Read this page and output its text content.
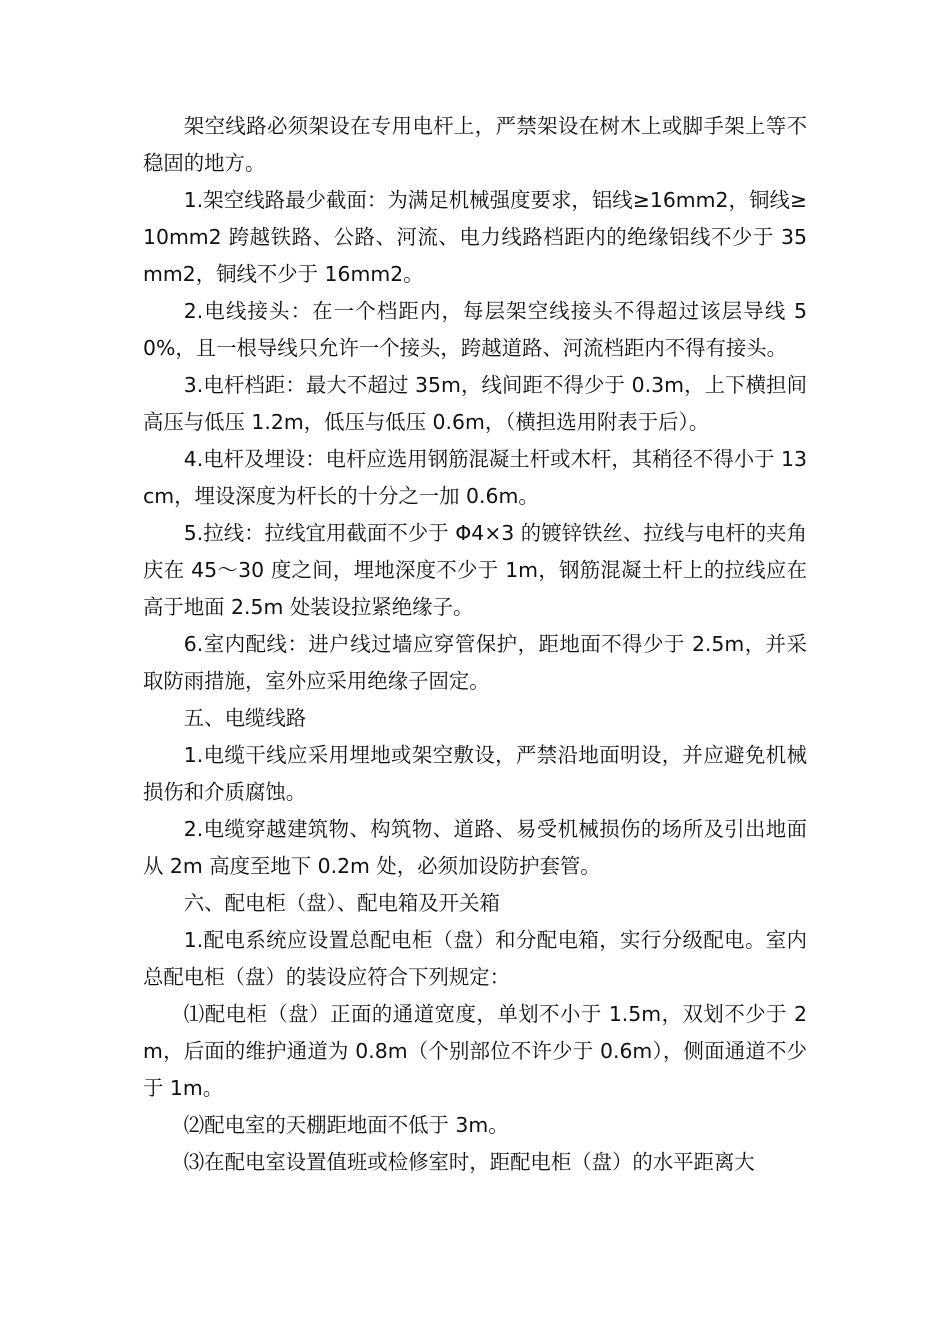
架空线路必须架设在专用电杆上，严禁架设在树木上或脚手架上等不稳固的地方。

1.架空线路最少截面：为满足机械强度要求，铝线≥16mm2，铜线≥10mm2 跨越铁路、公路、河流、电力线路档距内的绝缘铝线不少于 35mm2，铜线不少于 16mm2。

2.电线接头：在一个档距内，每层架空线接头不得超过该层导线 50%，且一根导线只允许一个接头，跨越道路、河流档距内不得有接头。

3.电杆档距：最大不超过 35m，线间距不得少于 0.3m，上下横担间高压与低压 1.2m，低压与低压 0.6m，（横担选用附表于后）。

4.电杆及埋设：电杆应选用钢筋混凝土杆或木杆，其稍径不得小于 13cm，埋设深度为杆长的十分之一加 0.6m。

5.拉线：拉线宜用截面不少于 Φ4×3 的镀锌铁丝、拉线与电杆的夹角庆在 45～30 度之间，埋地深度不少于 1m，钢筋混凝土杆上的拉线应在高于地面 2.5m 处装设拉紧绝缘子。

6.室内配线：进户线过墙应穿管保护，距地面不得少于 2.5m，并采取防雨措施，室外应采用绝缘子固定。

五、电缆线路

1.电缆干线应采用埋地或架空敷设，严禁沿地面明设，并应避免机械损伤和介质腐蚀。

2.电缆穿越建筑物、构筑物、道路、易受机械损伤的场所及引出地面从 2m 高度至地下 0.2m 处，必须加设防护套管。

六、配电柜（盘）、配电箱及开关箱

1.配电系统应设置总配电柜（盘）和分配电箱，实行分级配电。室内总配电柜（盘）的装设应符合下列规定：

⑴配电柜（盘）正面的通道宽度，单划不小于 1.5m，双划不少于 2m，后面的维护通道为 0.8m（个别部位不许少于 0.6m），侧面通道不少于 1m。

⑵配电室的天棚距地面不低于 3m。

⑶在配电室设置值班或检修室时，距配电柜（盘）的水平距离大
